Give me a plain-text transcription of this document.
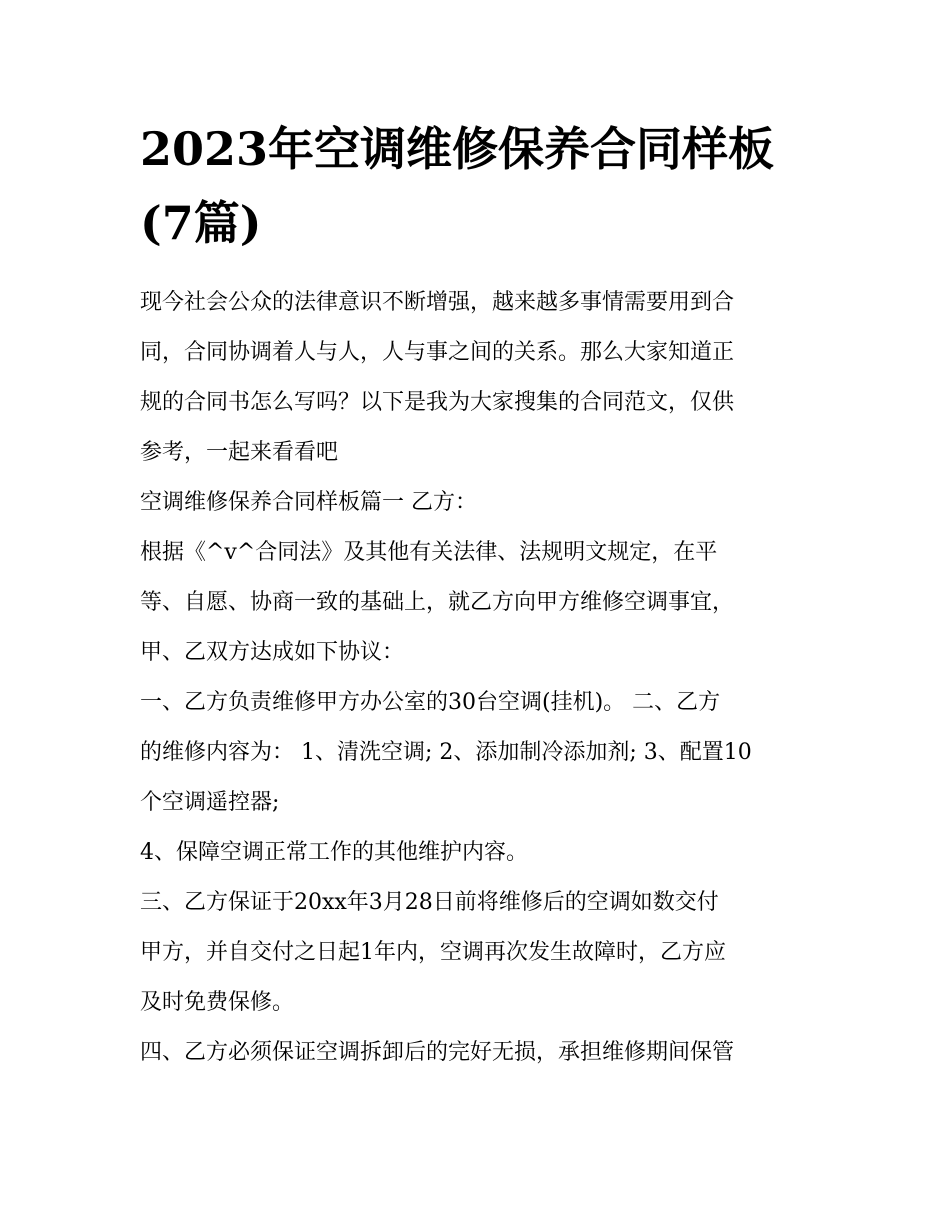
2023年空调维修保养合同样板
(7篇)

现今社会公众的法律意识不断增强，越来越多事情需要用到合
同，合同协调着人与人，人与事之间的关系。那么大家知道正
规的合同书怎么写吗？以下是我为大家搜集的合同范文，仅供
参考，一起来看看吧

空调维修保养合同样板篇一 乙方：

根据《^v^合同法》及其他有关法律、法规明文规定，在平
等、自愿、协商一致的基础上，就乙方向甲方维修空调事宜，
甲、乙双方达成如下协议：

一、乙方负责维修甲方办公室的30台空调(挂机)。 二、乙方
的维修内容为： 1、清洗空调; 2、添加制冷添加剂; 3、配置10
个空调遥控器;

4、保障空调正常工作的其他维护内容。

三、乙方保证于20xx年3月28日前将维修后的空调如数交付
甲方，并自交付之日起1年内，空调再次发生故障时，乙方应
及时免费保修。

四、乙方必须保证空调拆卸后的完好无损，承担维修期间保管
